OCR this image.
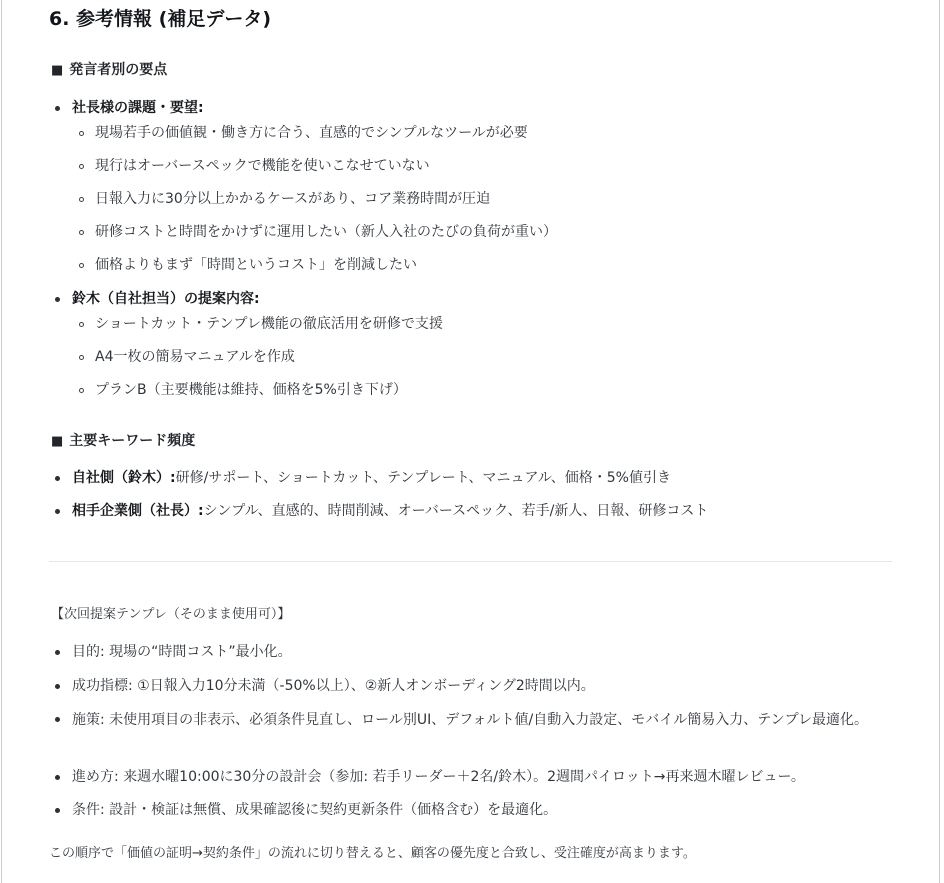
6. 参考情報 (補足データ)
■ 発言者別の要点
社長様の課題・要望:
現場若手の価値観・働き方に合う、直感的でシンプルなツールが必要
現行はオーバースペックで機能を使いこなせていない
日報入力に30分以上かかるケースがあり、コア業務時間が圧迫
研修コストと時間をかけずに運用したい（新人入社のたびの負荷が重い）
価格よりもまず「時間というコスト」を削減したい
鈴木（自社担当）の提案内容:
ショートカット・テンプレ機能の徹底活用を研修で支援
A4一枚の簡易マニュアルを作成
プランB（主要機能は維持、価格を5%引き下げ）
■ 主要キーワード頻度
自社側（鈴木）:研修/サポート、ショートカット、テンプレート、マニュアル、価格・5%値引き
相手企業側（社長）:シンプル、直感的、時間削減、オーバースペック、若手/新人、日報、研修コスト
【次回提案テンプレ（そのまま使用可）】
目的: 現場の“時間コスト”最小化。
成功指標: ①日報入力10分未満（-50%以上）、②新人オンボーディング2時間以内。
施策: 未使用項目の非表示、必須条件見直し、ロール別UI、デフォルト値/自動入力設定、モバイル簡易入力、テンプレ最適化。
進め方: 来週水曜10:00に30分の設計会（参加: 若手リーダー＋2名/鈴木）。2週間パイロット→再来週木曜レビュー。
条件: 設計・検証は無償、成果確認後に契約更新条件（価格含む）を最適化。
この順序で「価値の証明→契約条件」の流れに切り替えると、顧客の優先度と合致し、受注確度が高まります。
